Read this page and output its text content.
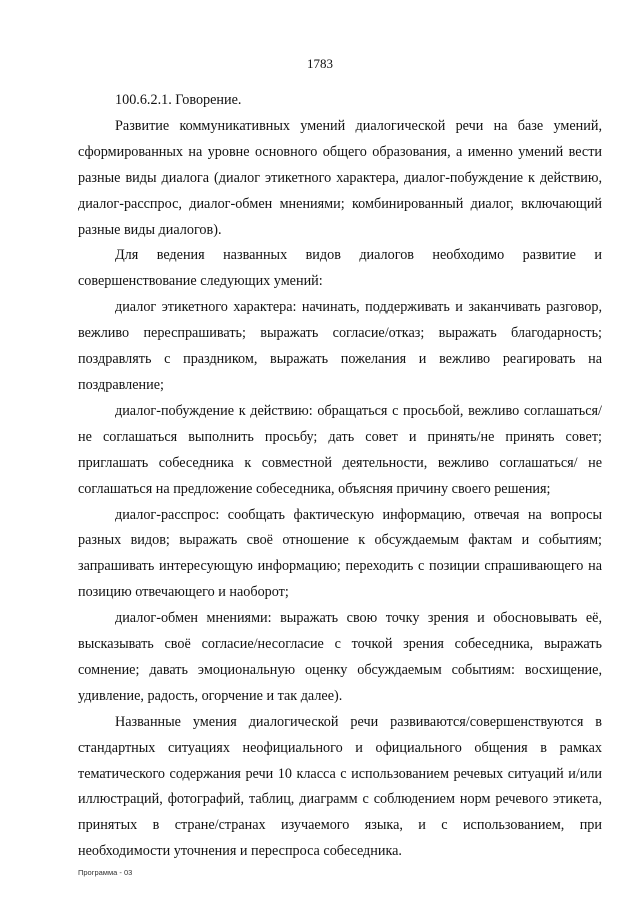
1783

100.6.2.1. Говорение.

Развитие коммуникативных умений диалогической речи на базе умений, сформированных на уровне основного общего образования, а именно умений вести разные виды диалога (диалог этикетного характера, диалог-побуждение к действию, диалог-расспрос, диалог-обмен мнениями; комбинированный диалог, включающий разные виды диалогов).

Для ведения названных видов диалогов необходимо развитие и совершенствование следующих умений:

диалог этикетного характера: начинать, поддерживать и заканчивать разговор, вежливо переспрашивать; выражать согласие/отказ; выражать благодарность; поздравлять с праздником, выражать пожелания и вежливо реагировать на поздравление;

диалог-побуждение к действию: обращаться с просьбой, вежливо соглашаться/не соглашаться выполнить просьбу; дать совет и принять/не принять совет; приглашать собеседника к совместной деятельности, вежливо соглашаться/ не соглашаться на предложение собеседника, объясняя причину своего решения;

диалог-расспрос: сообщать фактическую информацию, отвечая на вопросы разных видов; выражать своё отношение к обсуждаемым фактам и событиям; запрашивать интересующую информацию; переходить с позиции спрашивающего на позицию отвечающего и наоборот;

диалог-обмен мнениями: выражать свою точку зрения и обосновывать её, высказывать своё согласие/несогласие с точкой зрения собеседника, выражать сомнение; давать эмоциональную оценку обсуждаемым событиям: восхищение, удивление, радость, огорчение и так далее).

Названные умения диалогической речи развиваются/совершенствуются в стандартных ситуациях неофициального и официального общения в рамках тематического содержания речи 10 класса с использованием речевых ситуаций и/или иллюстраций, фотографий, таблиц, диаграмм с соблюдением норм речевого этикета, принятых в стране/странах изучаемого языка, и с использованием, при необходимости уточнения и переспроса собеседника.

Программа - 03
